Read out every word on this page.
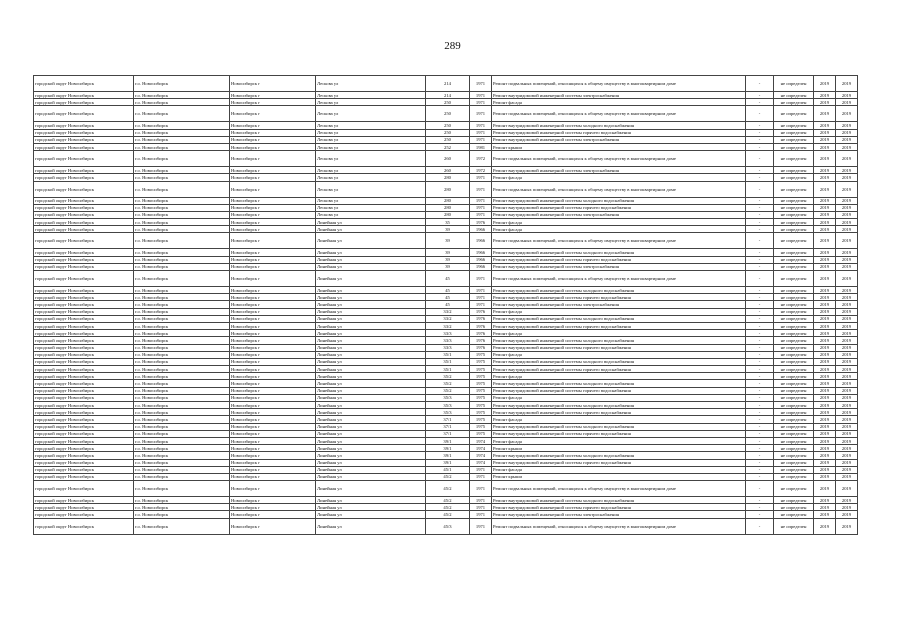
289
городской округ Новосибирск	г.о. Новосибирск	Новосибирск г	Лескова ул	214	1971	Ремонт подвальных помещений, относящихся к общему имуществу в многоквартирном доме	-	не определен	2019	2019
городской округ Новосибирск	г.о. Новосибирск	Новосибирск г	Лескова ул	214	1971	Ремонт внутридомовой инженерной системы электроснабжения	-	не определен	2019	2019
городской округ Новосибирск	г.о. Новосибирск	Новосибирск г	Лескова ул	250	1971	Ремонт фасада	-	не определен	2019	2019
городской округ Новосибирск	г.о. Новосибирск	Новосибирск г	Лескова ул	250	1971	Ремонт подвальных помещений, относящихся к общему имуществу в многоквартирном доме	-	не определен	2019	2019
городской округ Новосибирск	г.о. Новосибирск	Новосибирск г	Лескова ул	250	1971	Ремонт внутридомовой инженерной системы холодного водоснабжения	-	не определен	2019	2019
городской округ Новосибирск	г.о. Новосибирск	Новосибирск г	Лескова ул	250	1971	Ремонт внутридомовой инженерной системы горячего водоснабжения	-	не определен	2019	2019
городской округ Новосибирск	г.о. Новосибирск	Новосибирск г	Лескова ул	250	1971	Ремонт внутридомовой инженерной системы электроснабжения	-	не определен	2019	2019
городской округ Новосибирск	г.о. Новосибирск	Новосибирск г	Лескова ул	252	1981	Ремонт крыши	-	не определен	2019	2019
городской округ Новосибирск	г.о. Новосибирск	Новосибирск г	Лескова ул	260	1972	Ремонт подвальных помещений, относящихся к общему имуществу в многоквартирном доме	-	не определен	2019	2019
городской округ Новосибирск	г.о. Новосибирск	Новосибирск г	Лескова ул	260	1972	Ремонт внутридомовой инженерной системы электроснабжения	-	не определен	2019	2019
городской округ Новосибирск	г.о. Новосибирск	Новосибирск г	Лескова ул	280	1971	Ремонт фасада	-	не определен	2019	2019
городской округ Новосибирск	г.о. Новосибирск	Новосибирск г	Лескова ул	280	1971	Ремонт подвальных помещений, относящихся к общему имуществу в многоквартирном доме	-	не определен	2019	2019
городской округ Новосибирск	г.о. Новосибирск	Новосибирск г	Лескова ул	280	1971	Ремонт внутридомовой инженерной системы холодного водоснабжения	-	не определен	2019	2019
городской округ Новосибирск	г.о. Новосибирск	Новосибирск г	Лескова ул	280	1971	Ремонт внутридомовой инженерной системы горячего водоснабжения	-	не определен	2019	2019
городской округ Новосибирск	г.о. Новосибирск	Новосибирск г	Лескова ул	280	1971	Ремонт внутридомовой инженерной системы электроснабжения	-	не определен	2019	2019
городской округ Новосибирск	г.о. Новосибирск	Новосибирск г	Линейная ул	35	1976	Ремонт фасада	-	не определен	2019	2019
городской округ Новосибирск	г.о. Новосибирск	Новосибирск г	Линейная ул	39	1966	Ремонт фасада	-	не определен	2019	2019
городской округ Новосибирск	г.о. Новосибирск	Новосибирск г	Линейная ул	39	1966	Ремонт подвальных помещений, относящихся к общему имуществу в многоквартирном доме	-	не определен	2019	2019
городской округ Новосибирск	г.о. Новосибирск	Новосибирск г	Линейная ул	39	1966	Ремонт внутридомовой инженерной системы холодного водоснабжения	-	не определен	2019	2019
городской округ Новосибирск	г.о. Новосибирск	Новосибирск г	Линейная ул	39	1966	Ремонт внутридомовой инженерной системы горячего водоснабжения	-	не определен	2019	2019
городской округ Новосибирск	г.о. Новосибирск	Новосибирск г	Линейная ул	39	1966	Ремонт внутридомовой инженерной системы электроснабжения	-	не определен	2019	2019
городской округ Новосибирск	г.о. Новосибирск	Новосибирск г	Линейная ул	45	1971	Ремонт подвальных помещений, относящихся к общему имуществу в многоквартирном доме	-	не определен	2019	2019
городской округ Новосибирск	г.о. Новосибирск	Новосибирск г	Линейная ул	45	1971	Ремонт внутридомовой инженерной системы холодного водоснабжения	-	не определен	2019	2019
городской округ Новосибирск	г.о. Новосибирск	Новосибирск г	Линейная ул	45	1971	Ремонт внутридомовой инженерной системы горячего водоснабжения	-	не определен	2019	2019
городской округ Новосибирск	г.о. Новосибирск	Новосибирск г	Линейная ул	45	1971	Ремонт внутридомовой инженерной системы электроснабжения	-	не определен	2019	2019
городской округ Новосибирск	г.о. Новосибирск	Новосибирск г	Линейная ул	33/2	1976	Ремонт фасада	-	не определен	2019	2019
городской округ Новосибирск	г.о. Новосибирск	Новосибирск г	Линейная ул	33/2	1976	Ремонт внутридомовой инженерной системы холодного водоснабжения	-	не определен	2019	2019
городской округ Новосибирск	г.о. Новосибирск	Новосибирск г	Линейная ул	33/2	1976	Ремонт внутридомовой инженерной системы горячего водоснабжения	-	не определен	2019	2019
городской округ Новосибирск	г.о. Новосибирск	Новосибирск г	Линейная ул	33/3	1976	Ремонт фасада	-	не определен	2019	2019
городской округ Новосибирск	г.о. Новосибирск	Новосибирск г	Линейная ул	33/3	1976	Ремонт внутридомовой инженерной системы холодного водоснабжения	-	не определен	2019	2019
городской округ Новосибирск	г.о. Новосибирск	Новосибирск г	Линейная ул	33/3	1976	Ремонт внутридомовой инженерной системы горячего водоснабжения	-	не определен	2019	2019
городской округ Новосибирск	г.о. Новосибирск	Новосибирск г	Линейная ул	35/1	1975	Ремонт фасада	-	не определен	2019	2019
городской округ Новосибирск	г.о. Новосибирск	Новосибирск г	Линейная ул	35/1	1975	Ремонт внутридомовой инженерной системы холодного водоснабжения	-	не определен	2019	2019
городской округ Новосибирск	г.о. Новосибирск	Новосибирск г	Линейная ул	35/1	1975	Ремонт внутридомовой инженерной системы горячего водоснабжения	-	не определен	2019	2019
городской округ Новосибирск	г.о. Новосибирск	Новосибирск г	Линейная ул	35/2	1975	Ремонт фасада	-	не определен	2019	2019
городской округ Новосибирск	г.о. Новосибирск	Новосибирск г	Линейная ул	35/2	1975	Ремонт внутридомовой инженерной системы холодного водоснабжения	-	не определен	2019	2019
городской округ Новосибирск	г.о. Новосибирск	Новосибирск г	Линейная ул	35/2	1975	Ремонт внутридомовой инженерной системы горячего водоснабжения	-	не определен	2019	2019
городской округ Новосибирск	г.о. Новосибирск	Новосибирск г	Линейная ул	35/3	1975	Ремонт фасада	-	не определен	2019	2019
городской округ Новосибирск	г.о. Новосибирск	Новосибирск г	Линейная ул	35/3	1975	Ремонт внутридомовой инженерной системы холодного водоснабжения	-	не определен	2019	2019
городской округ Новосибирск	г.о. Новосибирск	Новосибирск г	Линейная ул	35/3	1975	Ремонт внутридомовой инженерной системы горячего водоснабжения	-	не определен	2019	2019
городской округ Новосибирск	г.о. Новосибирск	Новосибирск г	Линейная ул	37/1	1975	Ремонт фасада	-	не определен	2019	2019
городской округ Новосибирск	г.о. Новосибирск	Новосибирск г	Линейная ул	37/1	1975	Ремонт внутридомовой инженерной системы холодного водоснабжения	-	не определен	2019	2019
городской округ Новосибирск	г.о. Новосибирск	Новосибирск г	Линейная ул	37/1	1975	Ремонт внутридомовой инженерной системы горячего водоснабжения	-	не определен	2019	2019
городской округ Новосибирск	г.о. Новосибирск	Новосибирск г	Линейная ул	39/1	1974	Ремонт фасада	-	не определен	2019	2019
городской округ Новосибирск	г.о. Новосибирск	Новосибирск г	Линейная ул	39/1	1974	Ремонт крыши	-	не определен	2019	2019
городской округ Новосибирск	г.о. Новосибирск	Новосибирск г	Линейная ул	39/1	1974	Ремонт внутридомовой инженерной системы холодного водоснабжения	-	не определен	2019	2019
городской округ Новосибирск	г.о. Новосибирск	Новосибирск г	Линейная ул	39/1	1974	Ремонт внутридомовой инженерной системы горячего водоснабжения	-	не определен	2019	2019
городской округ Новосибирск	г.о. Новосибирск	Новосибирск г	Линейная ул	45/1	1971	Ремонт фасада	-	не определен	2019	2019
городской округ Новосибирск	г.о. Новосибирск	Новосибирск г	Линейная ул	45/2	1971	Ремонт крыши	-	не определен	2019	2019
городской округ Новосибирск	г.о. Новосибирск	Новосибирск г	Линейная ул	45/2	1971	Ремонт подвальных помещений, относящихся к общему имуществу в многоквартирном доме	-	не определен	2019	2019
городской округ Новосибирск	г.о. Новосибирск	Новосибирск г	Линейная ул	45/2	1971	Ремонт внутридомовой инженерной системы холодного водоснабжения	-	не определен	2019	2019
городской округ Новосибирск	г.о. Новосибирск	Новосибирск г	Линейная ул	45/2	1971	Ремонт внутридомовой инженерной системы горячего водоснабжения	-	не определен	2019	2019
городской округ Новосибирск	г.о. Новосибирск	Новосибирск г	Линейная ул	45/2	1971	Ремонт внутридомовой инженерной системы электроснабжения	-	не определен	2019	2019
городской округ Новосибирск	г.о. Новосибирск	Новосибирск г	Линейная ул	45/3	1971	Ремонт подвальных помещений, относящихся к общему имуществу в многоквартирном доме	-	не определен	2019	2019
